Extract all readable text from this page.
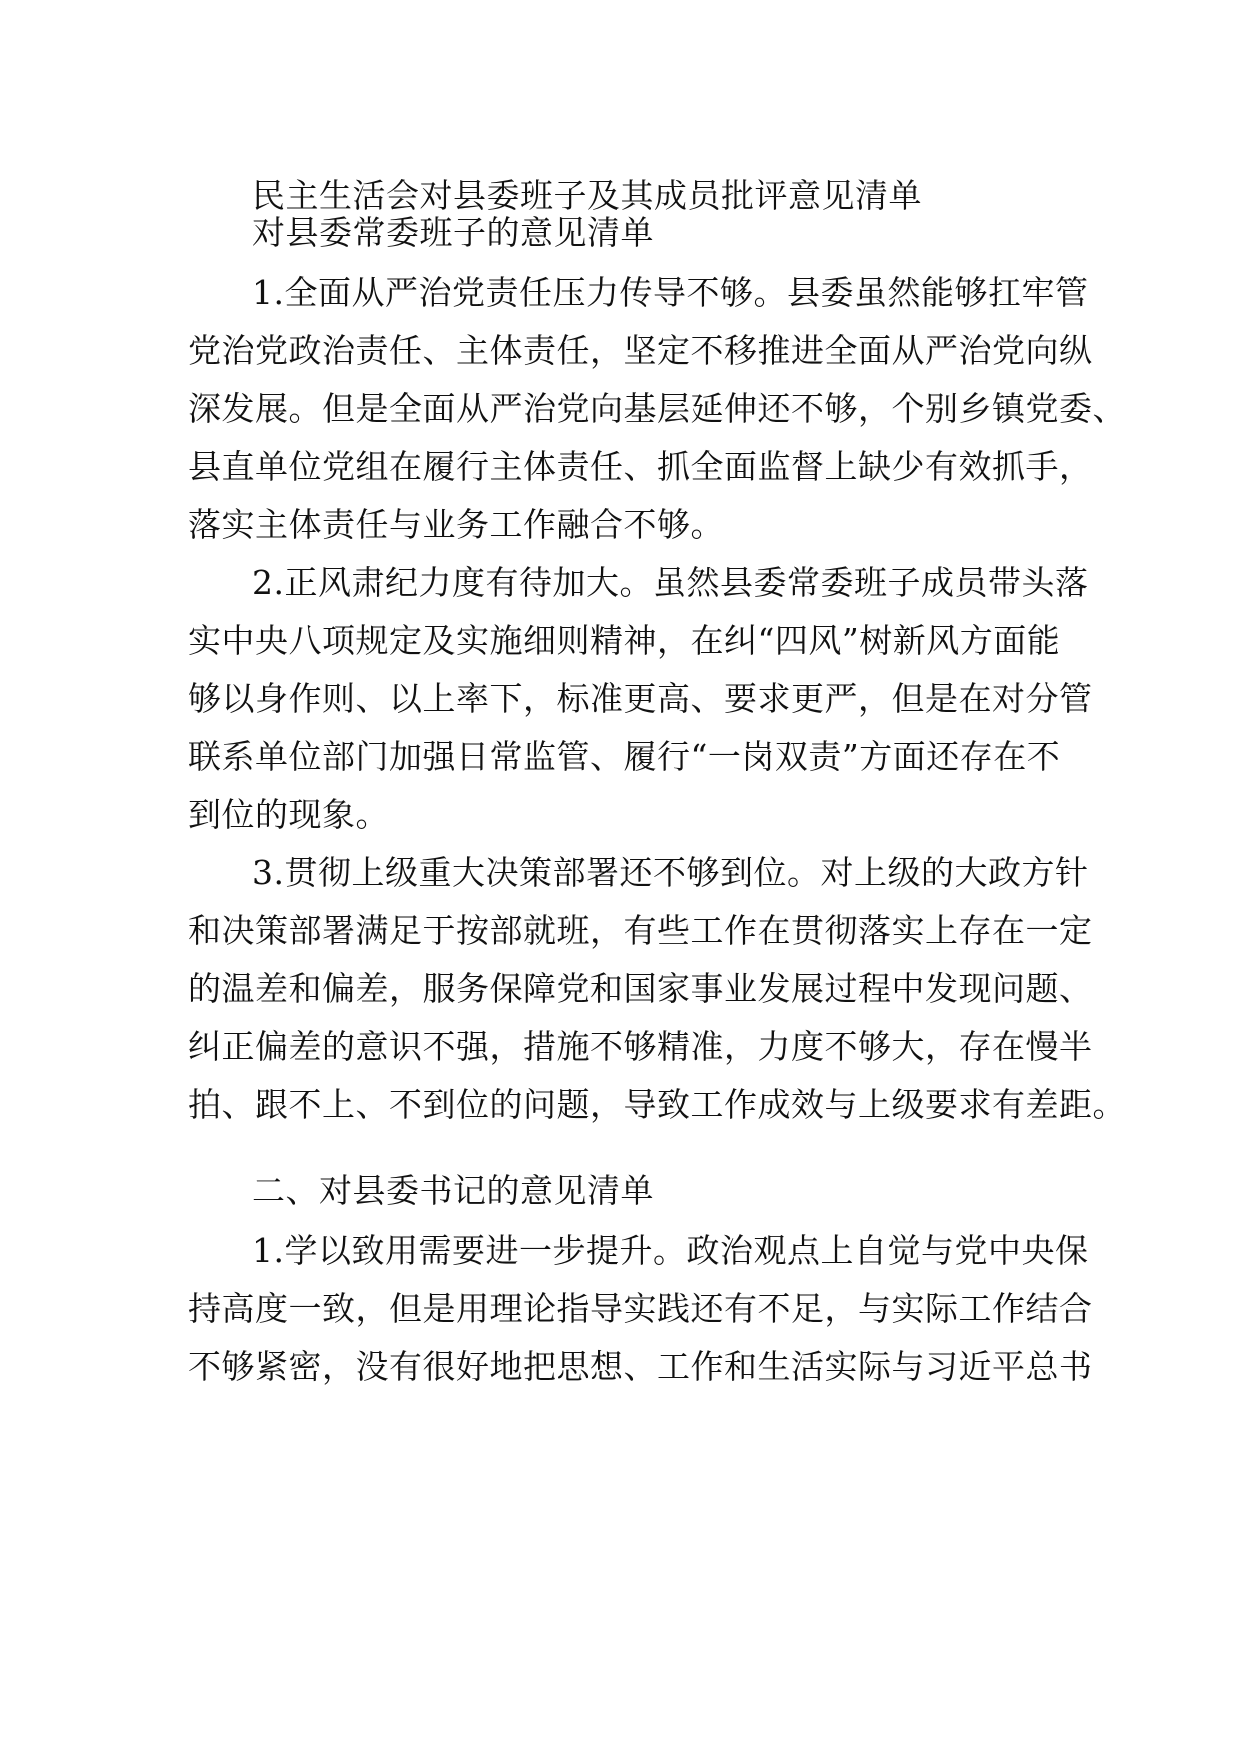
民主生活会对县委班子及其成员批评意见清单
对县委常委班子的意见清单
1.全面从严治党责任压力传导不够。县委虽然能够扛牢管
党治党政治责任、主体责任，坚定不移推进全面从严治党向纵
深发展。但是全面从严治党向基层延伸还不够，个别乡镇党委、
县直单位党组在履行主体责任、抓全面监督上缺少有效抓手，
落实主体责任与业务工作融合不够。
2.正风肃纪力度有待加大。虽然县委常委班子成员带头落
实中央八项规定及实施细则精神，在纠“四风”树新风方面能
够以身作则、以上率下，标准更高、要求更严，但是在对分管
联系单位部门加强日常监管、履行“一岗双责”方面还存在不
到位的现象。
3.贯彻上级重大决策部署还不够到位。对上级的大政方针
和决策部署满足于按部就班，有些工作在贯彻落实上存在一定
的温差和偏差，服务保障党和国家事业发展过程中发现问题、
纠正偏差的意识不强，措施不够精准，力度不够大，存在慢半
拍、跟不上、不到位的问题，导致工作成效与上级要求有差距。
二、对县委书记的意见清单
1.学以致用需要进一步提升。政治观点上自觉与党中央保
持高度一致，但是用理论指导实践还有不足，与实际工作结合
不够紧密，没有很好地把思想、工作和生活实际与习近平总书
